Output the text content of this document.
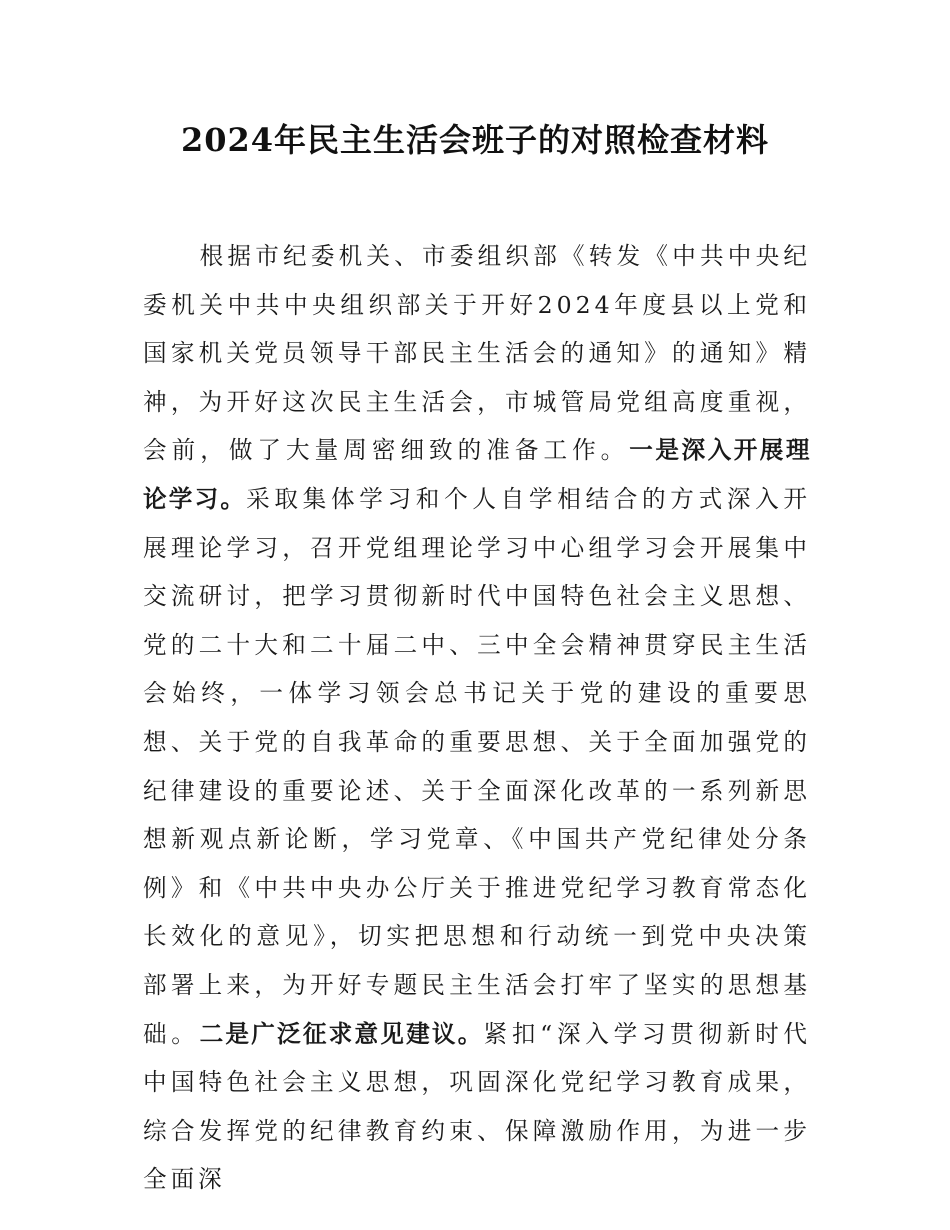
2024年民主生活会班子的对照检查材料

根据市纪委机关、市委组织部《转发《中共中央纪委机关中共中央组织部关于开好2024年度县以上党和国家机关党员领导干部民主生活会的通知》的通知》精神，为开好这次民主生活会，市城管局党组高度重视，会前，做了大量周密细致的准备工作。一是深入开展理论学习。采取集体学习和个人自学相结合的方式深入开展理论学习，召开党组理论学习中心组学习会开展集中交流研讨，把学习贯彻新时代中国特色社会主义思想、党的二十大和二十届二中、三中全会精神贯穿民主生活会始终，一体学习领会总书记关于党的建设的重要思想、关于党的自我革命的重要思想、关于全面加强党的纪律建设的重要论述、关于全面深化改革的一系列新思想新观点新论断，学习党章、《中国共产党纪律处分条例》和《中共中央办公厅关于推进党纪学习教育常态化长效化的意见》，切实把思想和行动统一到党中央决策部署上来，为开好专题民主生活会打牢了坚实的思想基础。二是广泛征求意见建议。紧扣“深入学习贯彻新时代中国特色社会主义思想，巩固深化党纪学习教育成果，综合发挥党的纪律教育约束、保障激励作用，为进一步全面深
